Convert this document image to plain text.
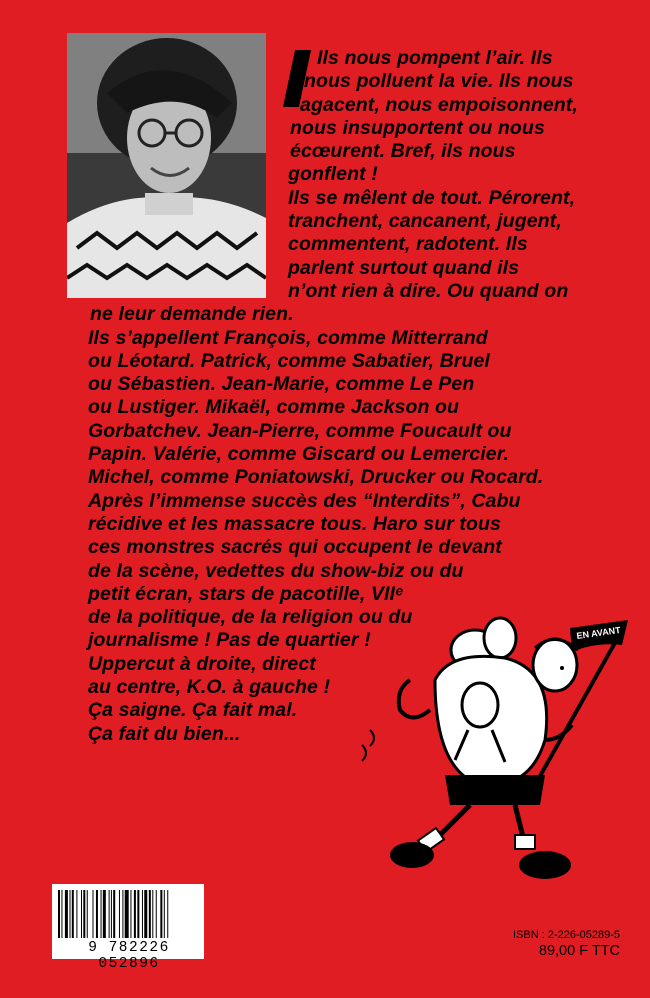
Ils nous pompent l’air. Ils
nous polluent la vie. Ils nous
agacent, nous empoisonnent,
nous insupportent ou nous
écœurent. Bref, ils nous
gonflent !
Ils se mêlent de tout. Pérorent,
tranchent, cancanent, jugent,
commentent, radotent. Ils
parlent surtout quand ils
n’ont rien à dire. Ou quand on
ne leur demande rien.
Ils s’appellent François, comme Mitterrand
ou Léotard. Patrick, comme Sabatier, Bruel
ou Sébastien. Jean-Marie, comme Le Pen
ou Lustiger. Mikaël, comme Jackson ou
Gorbatchev. Jean-Pierre, comme Foucault ou
Papin. Valérie, comme Giscard ou Lemercier.
Michel, comme Poniatowski, Drucker ou Rocard.
Après l’immense succès des “Interdits”, Cabu
récidive et les massacre tous. Haro sur tous
ces monstres sacrés qui occupent le devant
de la scène, vedettes du show-biz ou du
petit écran, stars de pacotille, VIIᵉ
de la politique, de la religion ou du
journalisme ! Pas de quartier !
Uppercut à droite, direct
au centre, K.O. à gauche !
Ça saigne. Ça fait mal.
Ça fait du bien...
EN AVANT
9 782226 052896
ISBN : 2-226-05289-5
89,00 F TTC
